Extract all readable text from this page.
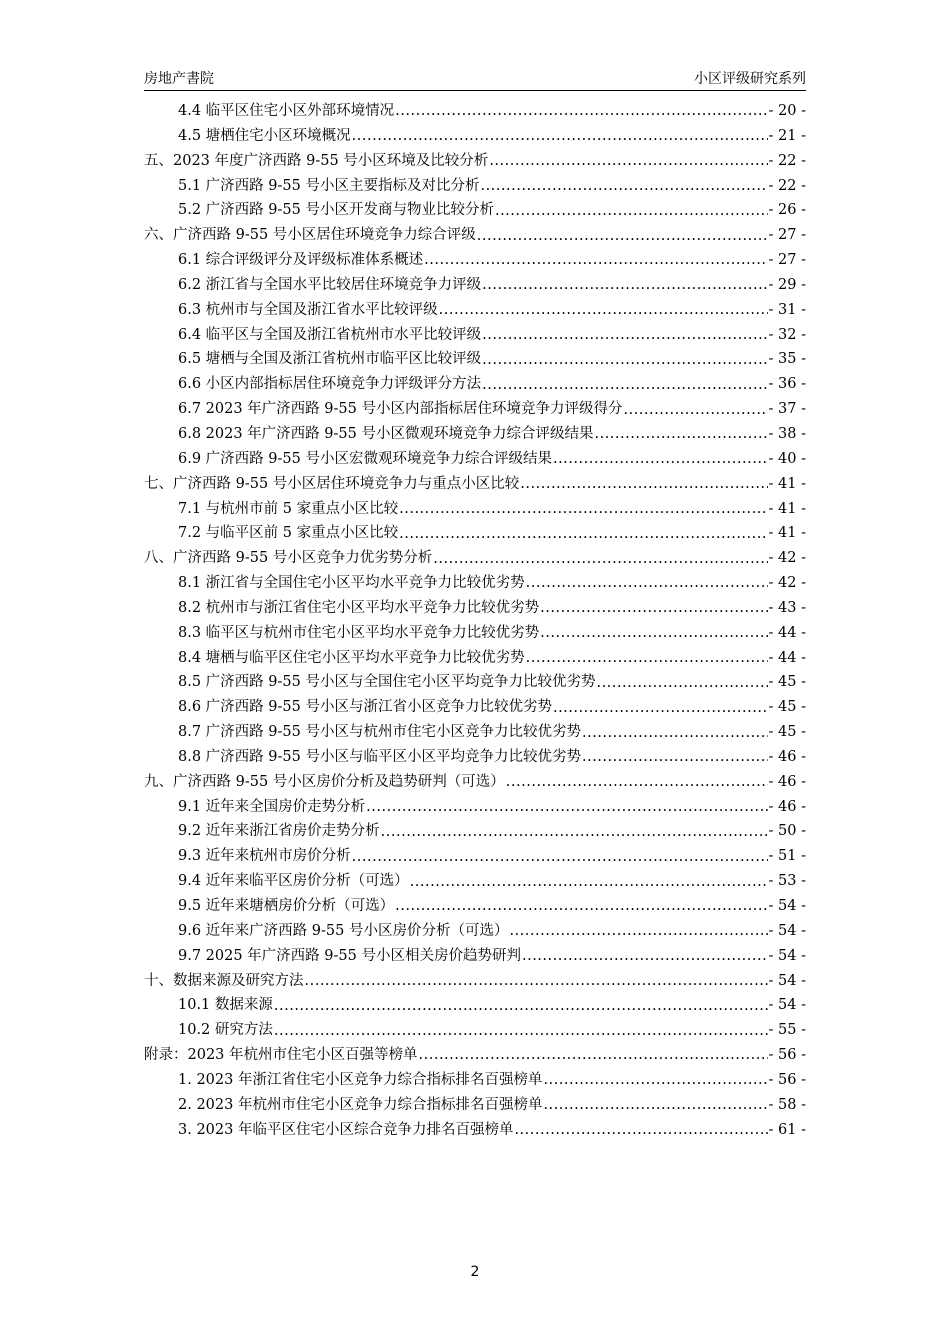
房地产書院	小区评级研究系列
4.4 临平区住宅小区外部环境情况 .....	- 20 -
4.5 塘栖住宅小区环境概况 .....	- 21 -
五、2023 年度广济西路 9-55 号小区环境及比较分析 .....	- 22 -
5.1 广济西路 9-55 号小区主要指标及对比分析 .....	- 22 -
5.2 广济西路 9-55 号小区开发商与物业比较分析 .....	- 26 -
六、广济西路 9-55 号小区居住环境竞争力综合评级 .....	- 27 -
6.1 综合评级评分及评级标准体系概述 .....	- 27 -
6.2 浙江省与全国水平比较居住环境竞争力评级 .....	- 29 -
6.3 杭州市与全国及浙江省水平比较评级 .....	- 31 -
6.4 临平区与全国及浙江省杭州市水平比较评级 .....	- 32 -
6.5 塘栖与全国及浙江省杭州市临平区比较评级 .....	- 35 -
6.6 小区内部指标居住环境竞争力评级评分方法 .....	- 36 -
6.7 2023 年广济西路 9-55 号小区内部指标居住环境竞争力评级得分 .....	- 37 -
6.8 2023 年广济西路 9-55 号小区微观环境竞争力综合评级结果 .....	- 38 -
6.9 广济西路 9-55 号小区宏微观环境竞争力综合评级结果 .....	- 40 -
七、广济西路 9-55 号小区居住环境竞争力与重点小区比较 .....	- 41 -
7.1 与杭州市前 5 家重点小区比较 .....	- 41 -
7.2 与临平区前 5 家重点小区比较 .....	- 41 -
八、广济西路 9-55 号小区竞争力优劣势分析 .....	- 42 -
8.1 浙江省与全国住宅小区平均水平竞争力比较优劣势 .....	- 42 -
8.2 杭州市与浙江省住宅小区平均水平竞争力比较优劣势 .....	- 43 -
8.3 临平区与杭州市住宅小区平均水平竞争力比较优劣势 .....	- 44 -
8.4 塘栖与临平区住宅小区平均水平竞争力比较优劣势 .....	- 44 -
8.5 广济西路 9-55 号小区与全国住宅小区平均竞争力比较优劣势 .....	- 45 -
8.6 广济西路 9-55 号小区与浙江省小区竞争力比较优劣势 .....	- 45 -
8.7 广济西路 9-55 号小区与杭州市住宅小区竞争力比较优劣势 .....	- 45 -
8.8 广济西路 9-55 号小区与临平区小区平均竞争力比较优劣势 .....	- 46 -
九、广济西路 9-55 号小区房价分析及趋势研判（可选） .....	- 46 -
9.1 近年来全国房价走势分析 .....	- 46 -
9.2 近年来浙江省房价走势分析 .....	- 50 -
9.3 近年来杭州市房价分析 .....	- 51 -
9.4 近年来临平区房价分析（可选） .....	- 53 -
9.5 近年来塘栖房价分析（可选） .....	- 54 -
9.6 近年来广济西路 9-55 号小区房价分析（可选） .....	- 54 -
9.7 2025 年广济西路 9-55 号小区相关房价趋势研判 .....	- 54 -
十、数据来源及研究方法 .....	- 54 -
10.1 数据来源 .....	- 54 -
10.2 研究方法 .....	- 55 -
附录：2023 年杭州市住宅小区百强等榜单 .....	- 56 -
1. 2023 年浙江省住宅小区竞争力综合指标排名百强榜单 .....	- 56 -
2. 2023 年杭州市住宅小区竞争力综合指标排名百强榜单 .....	- 58 -
3. 2023 年临平区住宅小区综合竞争力排名百强榜单 .....	- 61 -
2
